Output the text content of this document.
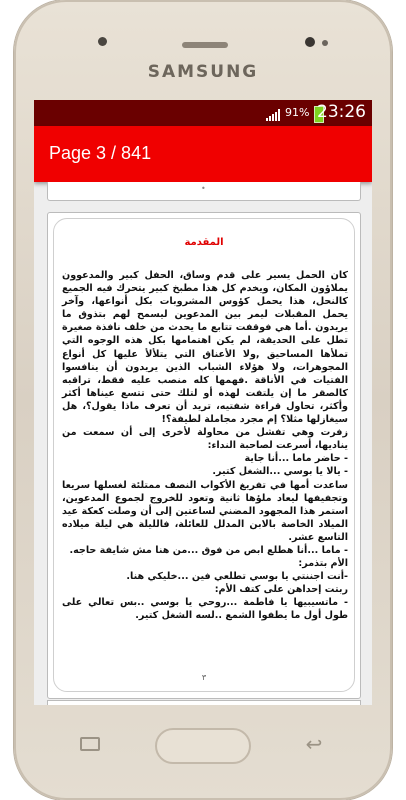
SAMSUNG
91% 23:26
Page 3 / 841
•
المقدمة

كان الحمل يسير على قدم وساق، الحفل كبير والمدعوون يملاؤون المكان، ويخدم كل هذا مطبخ كبير يتحرك فيه الجميع كالنحل، هذا يحمل كؤوس المشروبات بكل أنواعها، وآخر يحمل المقبلات ليمر بين المدعوين ليسمح لهم بتذوق ما يريدون .أما هي فوقفت تتابع ما يحدث من خلف نافذة صغيرة تطل على الحديقة، لم يكن اهتمامها بكل هذه الوجوه التي تملأها المساحيق ,ولا الأعناق التي يتلألأ عليها كل أنواع المجوهرات، ولا هؤلاء الشباب الذين يريدون أن ينافسوا الفتيات في الأناقة .فهمها كله منصب عليه فقط، تراقبه كالصقر ما إن يلتفت لهذه أو لتلك حتى تتسع عيناها أكثر وأكثر، تحاول قراءة شفتيه، تريد أن تعرف ماذا يقول؟، هل سيغازلها مثلا؟ إم مجرد مجاملة لطيفة؟!

زفرت وهي تفشل من محاولة لأخرى إلى أن سمعت من يناديها، أسرعت لصاحبة النداء:

- حاضر ماما ...أنا جاية

- يالا يا بوسي ...الشغل كتير.

ساعدت أمها في تفريغ الأكواب النصف ممتلئة لغسلها سريعا وتجفيفها ليعاد ملؤها ثانية وتعود للخروج لجموع المدعوين، استمر هذا المجهود المضني لساعتين إلى أن وصلت كعكة عيد الميلاد الخاصة بالابن المدلل للعائلة، فالليلة هي ليلة ميلاده التاسع عشر.

- ماما ...أنا هطلع ابص من فوق ...من هنا مش شايفة حاجه.

الأم بتذمر:

-أنت اجننتي يا بوسي تطلعي فين ...خليكي هنا.

ربتت إحداهن على كتف الأم:

- ماتسيبيها يا فاطمة ...روحي يا بوسي ..بس تعالي على طول أول ما يطفوا الشمع ..لسه الشغل كتير.

٣
↩
